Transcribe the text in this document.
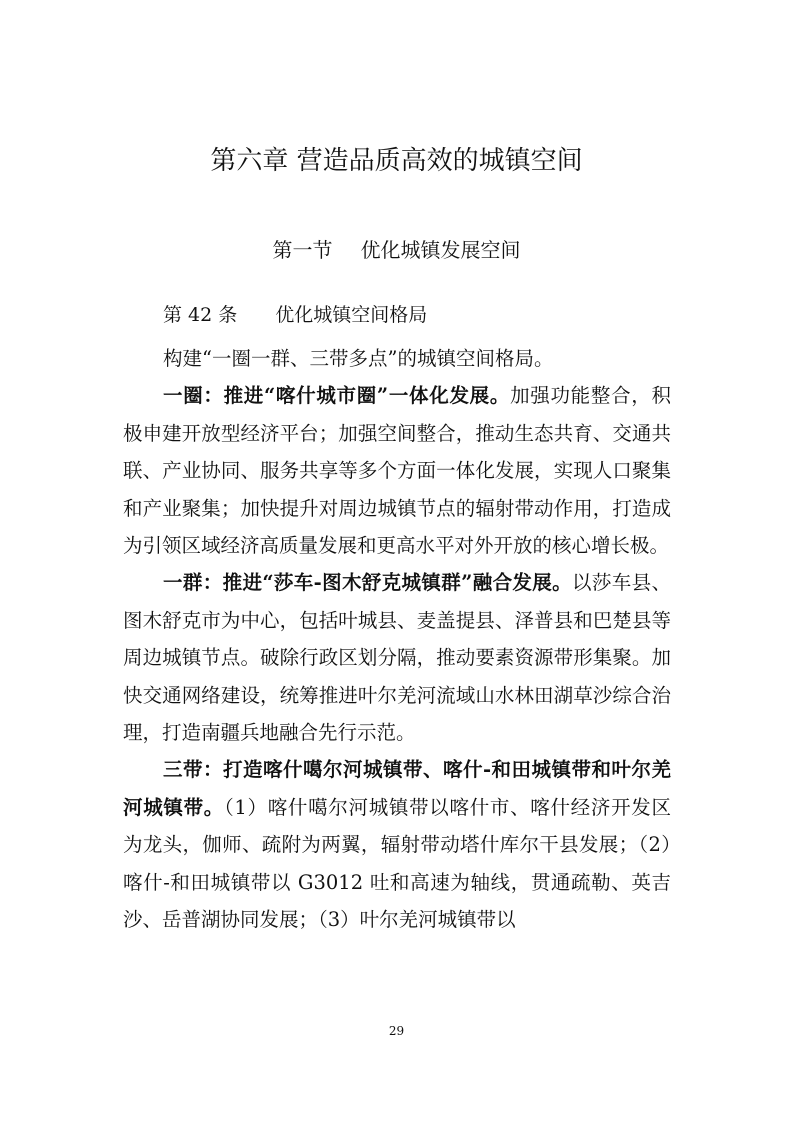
第六章 营造品质高效的城镇空间
第一节 优化城镇发展空间
第 42 条 优化城镇空间格局

构建“一圈一群、三带多点”的城镇空间格局。

一圈：推进“喀什城市圈”一体化发展。加强功能整合，积极申建开放型经济平台；加强空间整合，推动生态共育、交通共联、产业协同、服务共享等多个方面一体化发展，实现人口聚集和产业聚集；加快提升对周边城镇节点的辐射带动作用，打造成为引领区域经济高质量发展和更高水平对外开放的核心增长极。

一群：推进“莎车-图木舒克城镇群”融合发展。以莎车县、图木舒克市为中心，包括叶城县、麦盖提县、泽普县和巴楚县等周边城镇节点。破除行政区划分隔，推动要素资源带形集聚。加快交通网络建设，统筹推进叶尔羌河流域山水林田湖草沙综合治理，打造南疆兵地融合先行示范。

三带：打造喀什噶尔河城镇带、喀什-和田城镇带和叶尔羌河城镇带。（1）喀什噶尔河城镇带以喀什市、喀什经济开发区为龙头，伽师、疏附为两翼，辐射带动塔什库尔干县发展；（2）喀什-和田城镇带以 G3012 吐和高速为轴线，贯通疏勒、英吉沙、岳普湖协同发展；（3）叶尔羌河城镇带以

29
